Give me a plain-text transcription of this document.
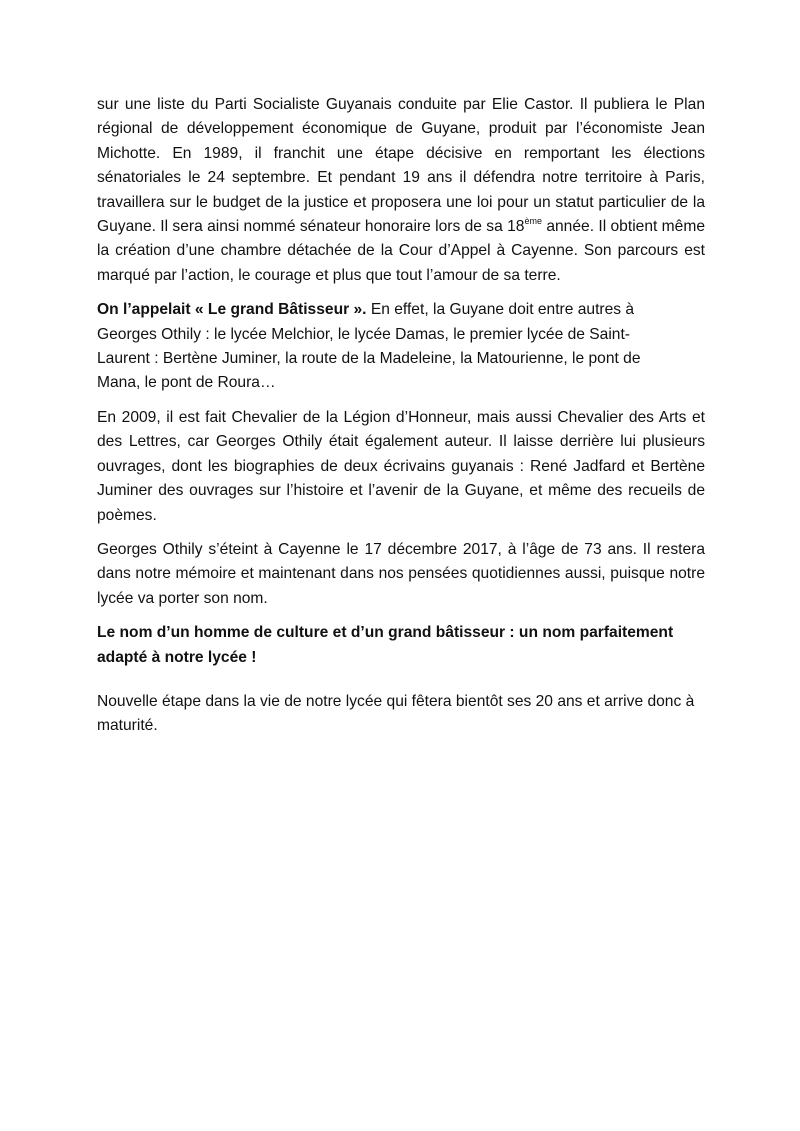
sur une liste du Parti Socialiste Guyanais conduite par Elie Castor. Il publiera le Plan régional de développement économique de Guyane, produit par l’économiste Jean Michotte. En 1989, il franchit une étape décisive en remportant les élections sénatoriales le 24 septembre. Et pendant 19 ans il défendra notre territoire à Paris, travaillera sur le budget de la justice et proposera une loi pour un statut particulier de la Guyane. Il sera ainsi nommé sénateur honoraire lors de sa 18ème année. Il obtient même la création d’une chambre détachée de la Cour d’Appel à Cayenne. Son parcours est marqué par l’action, le courage et plus que tout l’amour de sa terre.

On l’appelait « Le grand Bâtisseur ». En effet, la Guyane doit entre autres à
Georges Othily : le lycée Melchior, le lycée Damas, le premier lycée de Saint-
Laurent : Bertène Juminer, la route de la Madeleine, la Matourienne, le pont de
Mana, le pont de Roura…

En 2009, il est fait Chevalier de la Légion d’Honneur, mais aussi Chevalier des Arts et des Lettres, car Georges Othily était également auteur. Il laisse derrière lui plusieurs ouvrages, dont les biographies de deux écrivains guyanais : René Jadfard et Bertène Juminer des ouvrages sur l’histoire et l’avenir de la Guyane, et même des recueils de poèmes.

Georges Othily s’éteint à Cayenne le 17 décembre 2017, à l’âge de 73 ans. Il restera dans notre mémoire et maintenant dans nos pensées quotidiennes aussi, puisque notre lycée va porter son nom.

Le nom d’un homme de culture et d’un grand bâtisseur : un nom parfaitement adapté à notre lycée !

Nouvelle étape dans la vie de notre lycée qui fêtera bientôt ses 20 ans et arrive donc à maturité.
